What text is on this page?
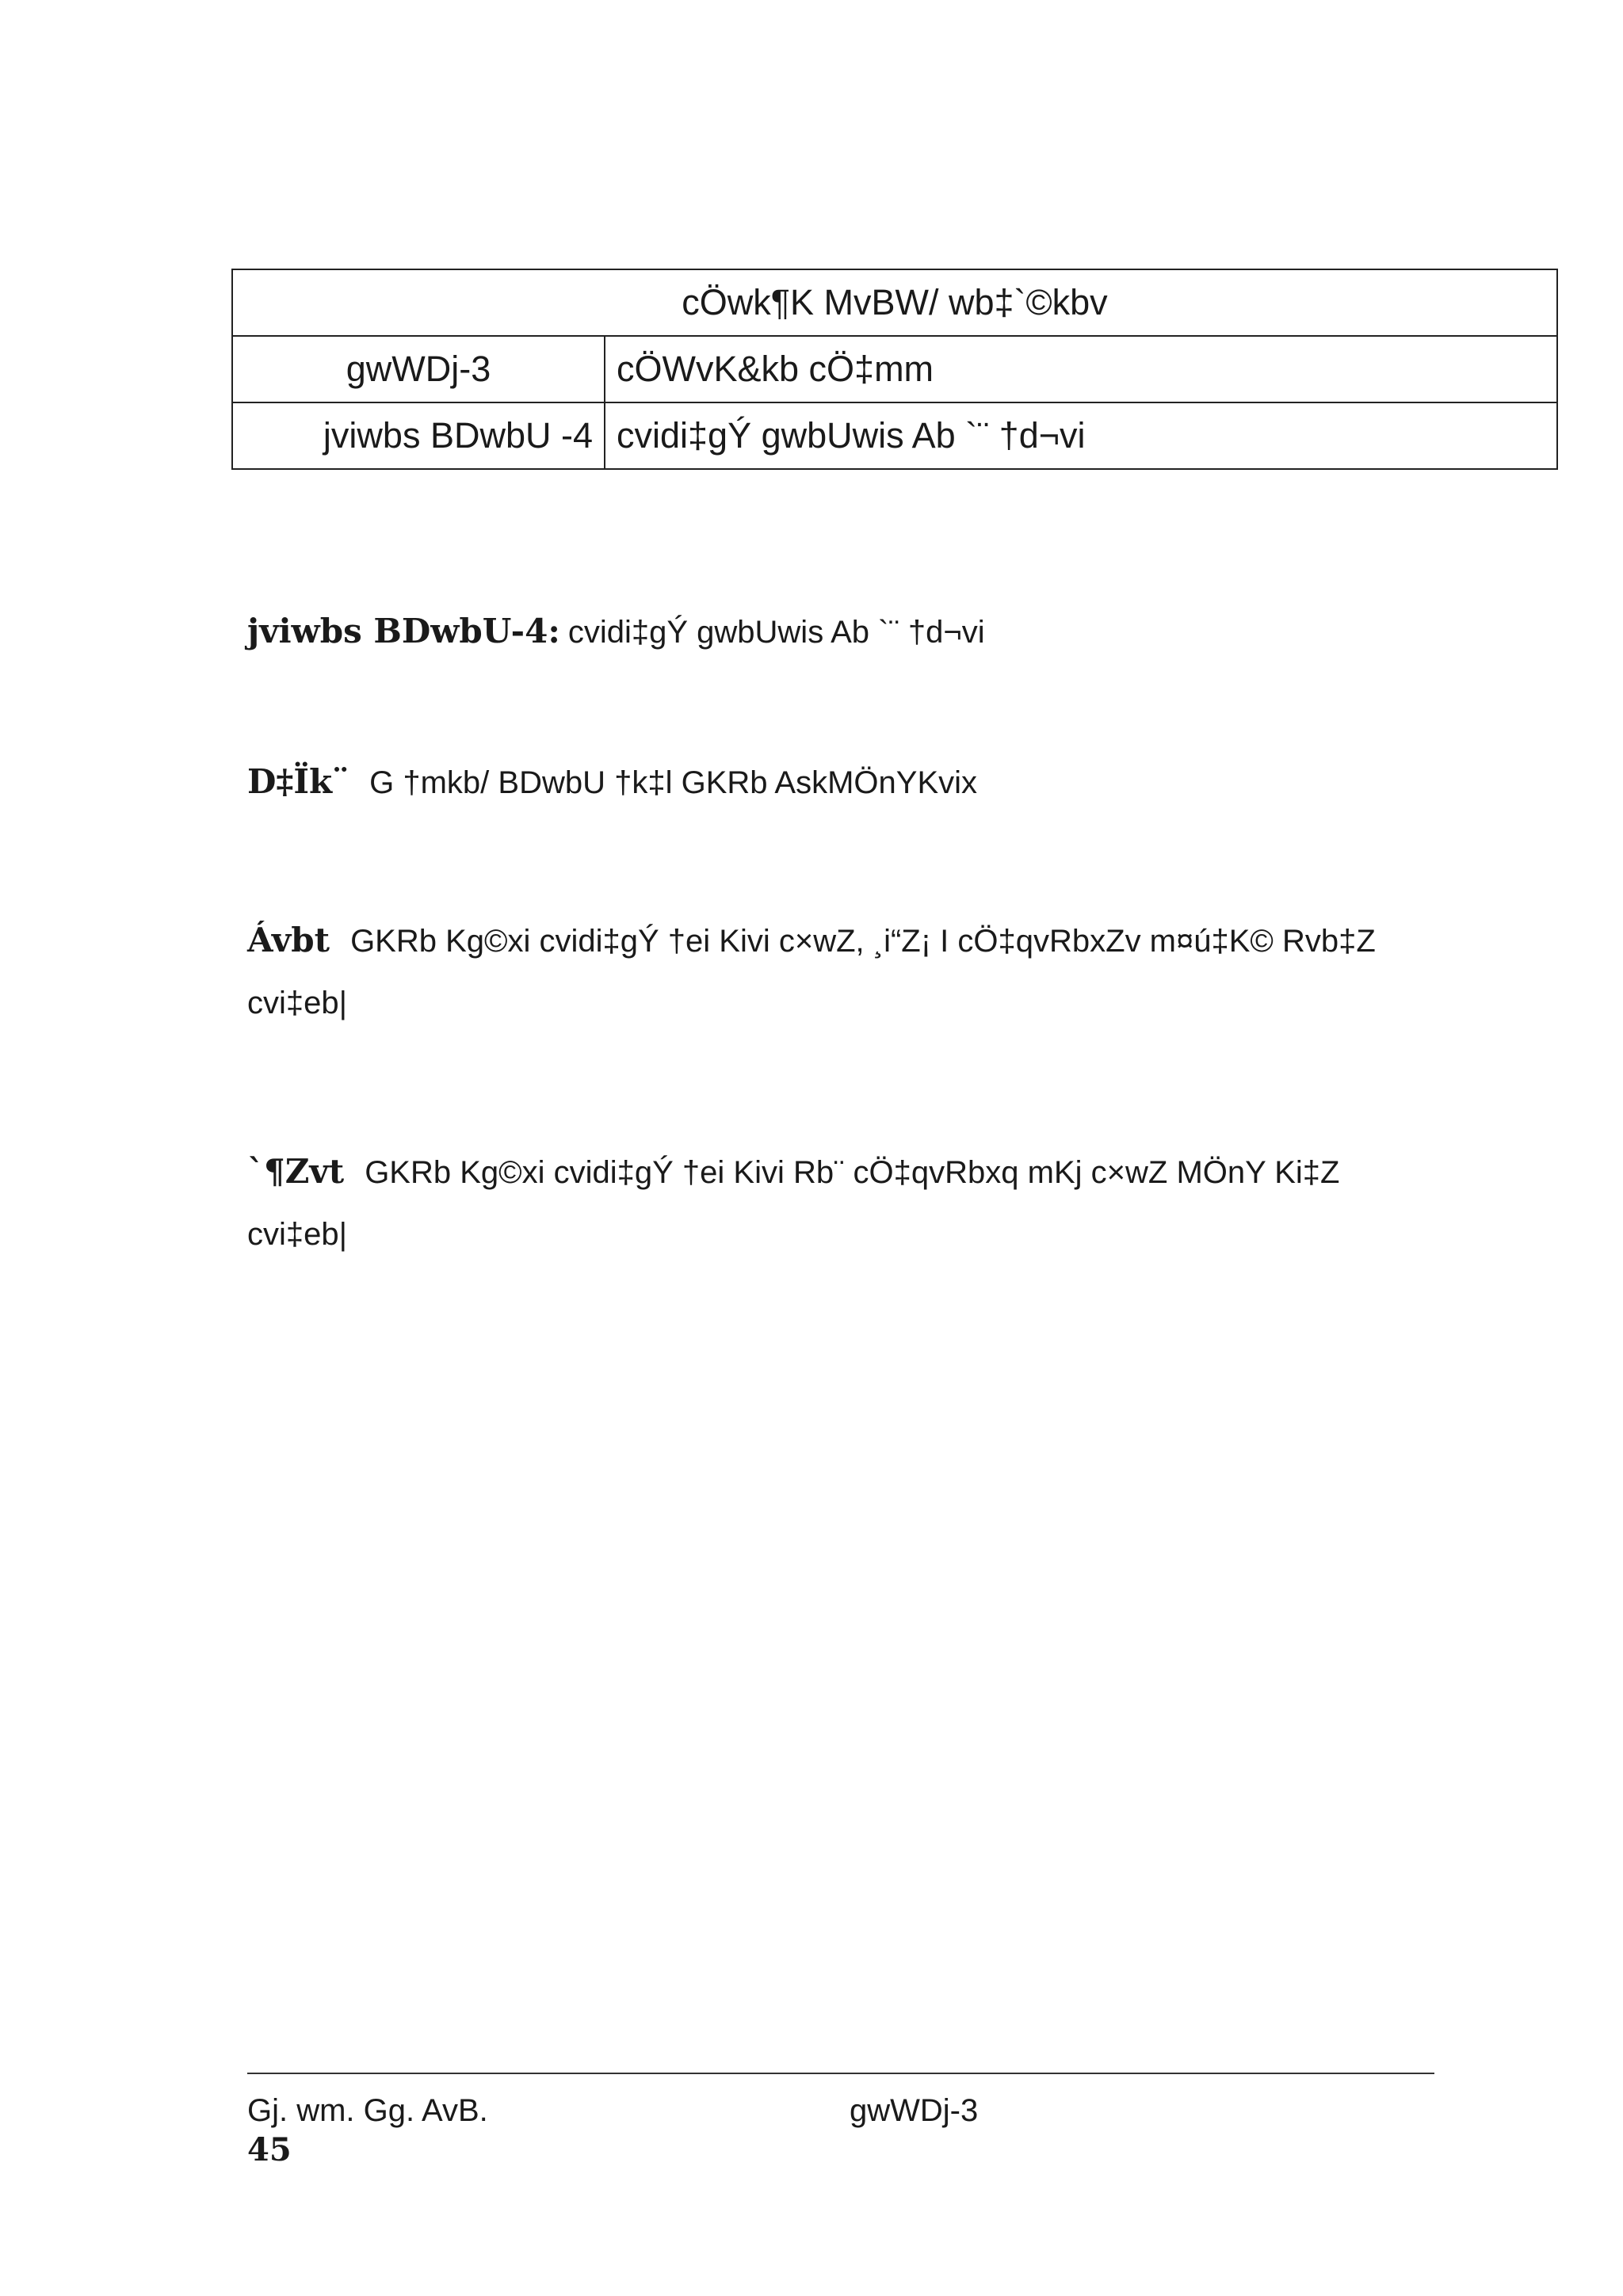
cÖwk¶K MvBW/ wb‡`©kbv	
gwWDj-3	cÖWvK&kb cÖ‡mm
jviwbs BDwbU -4	cvidi‡gÝ gwbUwis Ab `¨ †d¬vi
jviwbs BDwbU-4: cvidi‡gÝ gwbUwis Ab `¨ †d¬vi
D‡Ïk¨ G †mkb/ BDwbU †k‡l GKRb AskMÖnYKvix
Ávbt GKRb Kg©xi cvidi‡gÝ †ei Kivi c×wZ, ¸i“Z¡ I cÖ‡qvRbxZv m¤ú‡K© Rvb‡Z cvi‡eb|
`¶Zvt GKRb Kg©xi cvidi‡gÝ †ei Kivi Rb¨ cÖ‡qvRbxq mKj c×wZ MÖnY Ki‡Z cvi‡eb|
Gj. wm. Gg. AvB.	gwWDj-3
45
